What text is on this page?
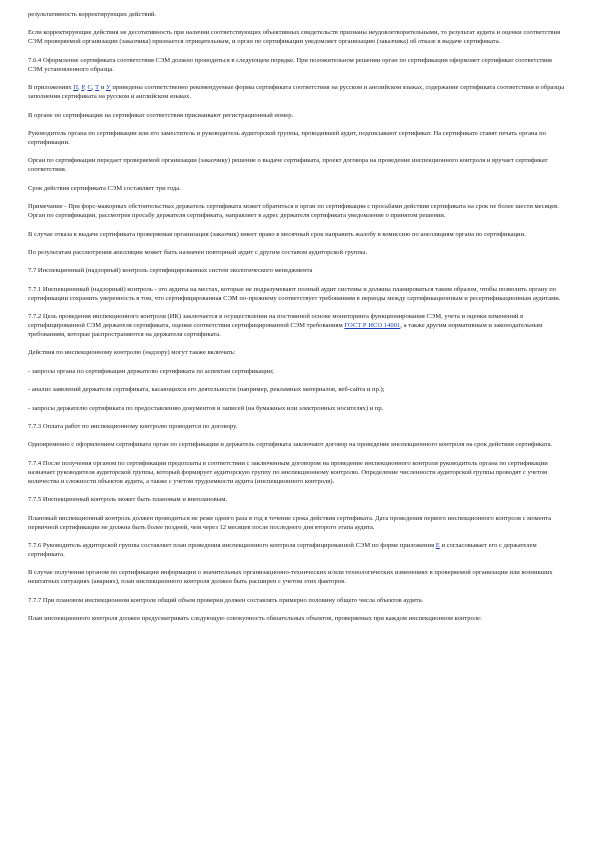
результативность корректирующих действий.

Если корректирующие действия не десотативность при наличии соответствующих объективных свидетельств признаны неудовлетворительными, то результат аудита и оценки соответствия СЭМ проверяемой организации (заказчика) признается отрицательным, и орган по сертификации уведомляет организацию (заказчика) об отказе в выдаче сертификата.

7.6.4 Оформление сертификата соответствия СЭМ должно проводиться в следующем порядке. При положительном решении орган по сертификации оформляет сертификат соответствия СЭМ установленного образца.

В приложениях П, Р, С, Т и У приведены соответственно рекомендуемые формы сертификата соответствия на русском и английском языках, содержание сертификата соответствия и образцы заполнения сертификата на русском и английском языках.

В органе по сертификации на сертификат соответствия присваивают регистрационный номер.

Руководитель органа по сертификации или его заместитель и руководитель аудиторской группы, проводившей аудит, подписывают сертификат. На сертификате ставят печать органа по сертификации.

Орган по сертификации передает проверяемой организации (заказчику) решение о выдаче сертификата, проект договора на проведение инспекционного контроля и вручает сертификат соответствия.

Срок действия сертификата СЭМ составляет три года.

Примечание - При форс-мажорных обстоятельствах держатель сертификата может обратиться в орган по сертификации с просьбами действия сертификата на срок не более шести месяцев. Орган по сертификации, рассмотрев просьбу держателя сертификата, направляет в адрес держателя сертификата уведомление о принятом решении.

В случае отказа в выдаче сертификата проверяемая организация (заказчик) имеет право в месячный срок направить жалобу в комиссию по апелляциям органа по сертификации.

По результатам рассмотрения апелляции может быть назначен повторный аудит с другим составом аудиторской группы.

7.7 Инспекционный (надзорный) контроль сертифицированных систем экологического менеджмента

7.7.1 Инспекционный (надзорный) контроль - это аудиты на местах, которые не подразумевают полный аудит системы и должны планироваться таким образом, чтобы позволить органу по сертификации сохранить уверенность в том, что сертифицированная СЭМ по-прежнему соответствует требованиям в периоды между сертификационным и ресертификационным аудитами.

7.7.2 Цель проведения инспекционного контроля (ИК) заключается в осуществлении на постоянной основе мониторинга функционирования СЭМ, учета и оценки изменений в сертифицированной СЭМ держателя сертификата, оценки соответствия сертифицированной СЭМ требованиям ГОСТ Р ИСО 14001, а также другим нормативным и законодательным требованиям, которые распространяются на держателя сертификата.

Действия по инспекционному контролю (надзору) могут также включать:

- запросы органа по сертификации держателю сертификата по аспектам сертификации;

- анализ заявлений держателя сертификата, касающихся его деятельности (например, рекламных материалов, веб-сайта и пр.);

- запросы держателю сертификата по предоставлению документов и записей (на бумажных или электронных носителях) и пр.

7.7.3 Оплата работ по инспекционному контролю проводится по договору.

Одновременно с оформлением сертификата орган по сертификации и держатель сертификата заключают договор на проведение инспекционного контроля на срок действия сертификата.

7.7.4 После получения органом по сертификации предоплаты в соответствии с заключенным договором на проведение инспекционного контроля руководитель органа по сертификации назначает руководителя аудиторской группы, который формирует аудиторскую группу по инспекционному контролю. Определение численности аудиторской группы проводят с учетом количества и сложности объектов аудита, а также с учетом трудоемкости аудита (инспекционного контроля).

7.7.5 Инспекционный контроль может быть плановым и внеплановым.

Плановый инспекционный контроль должен проводиться не реже одного раза в год в течение срока действия сертификата. Дата проведения первого инспекционного контроля с момента первичной сертификации не должна быть более поздней, чем через 12 месяцев после последнего дня второго этапа аудита.

7.7.6 Руководитель аудиторской группы составляет план проведения инспекционного контроля сертифицированной СЭМ по форме приложения Е и согласовывает его с держателем сертификата.

В случае получения органом по сертификации информации о значительных организационно-технических и/или технологических изменениях в проверяемой организации или возникших нештатных ситуациях (авариях), план инспекционного контроля должен быть расширен с учетом этих факторов.

7.7.7 При плановом инспекционном контроле общий объем проверки должен составлять примерно половину общего числа объектов аудита.

План инспекционного контроля должен предусматривать следующую совокупность обязательных объектов, проверяемых при каждом инспекционном контроле:
